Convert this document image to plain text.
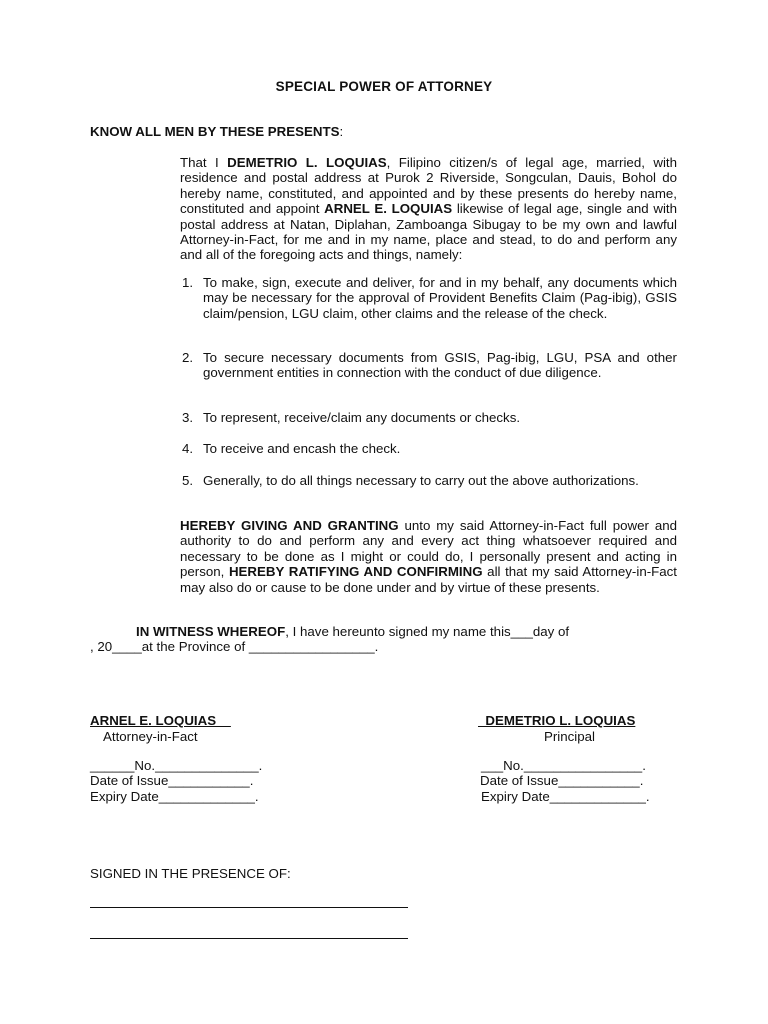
SPECIAL POWER OF ATTORNEY
KNOW ALL MEN BY THESE PRESENTS:
That I DEMETRIO L. LOQUIAS, Filipino citizen/s of legal age, married, with residence and postal address at Purok 2 Riverside, Songculan, Dauis, Bohol do hereby name, constituted, and appointed and by these presents do hereby name, constituted and appoint ARNEL E. LOQUIAS likewise of legal age, single and with postal address at Natan, Diplahan, Zamboanga Sibugay to be my own and lawful Attorney-in-Fact, for me and in my name, place and stead, to do and perform any and all of the foregoing acts and things, namely:
1. To make, sign, execute and deliver, for and in my behalf, any documents which may be necessary for the approval of Provident Benefits Claim (Pag-ibig), GSIS claim/pension, LGU claim, other claims and the release of the check.
2. To secure necessary documents from GSIS, Pag-ibig, LGU, PSA and other government entities in connection with the conduct of due diligence.
3. To represent, receive/claim any documents or checks.
4. To receive and encash the check.
5. Generally, to do all things necessary to carry out the above authorizations.
HEREBY GIVING AND GRANTING unto my said Attorney-in-Fact full power and authority to do and perform any and every act thing whatsoever required and necessary to be done as I might or could do, I personally present and acting in person, HEREBY RATIFYING AND CONFIRMING all that my said Attorney-in-Fact may also do or cause to be done under and by virtue of these presents.
IN WITNESS WHEREOF, I have hereunto signed my name this___day of
, 20____at the Province of _________________.
ARNEL E. LOQUIAS
Attorney-in-Fact
______No.______________.
Date of Issue___________.
Expiry Date_____________.
DEMETRIO L. LOQUIAS
Principal
___No.________________.
Date of Issue___________.
Expiry Date_____________.
SIGNED IN THE PRESENCE OF:
